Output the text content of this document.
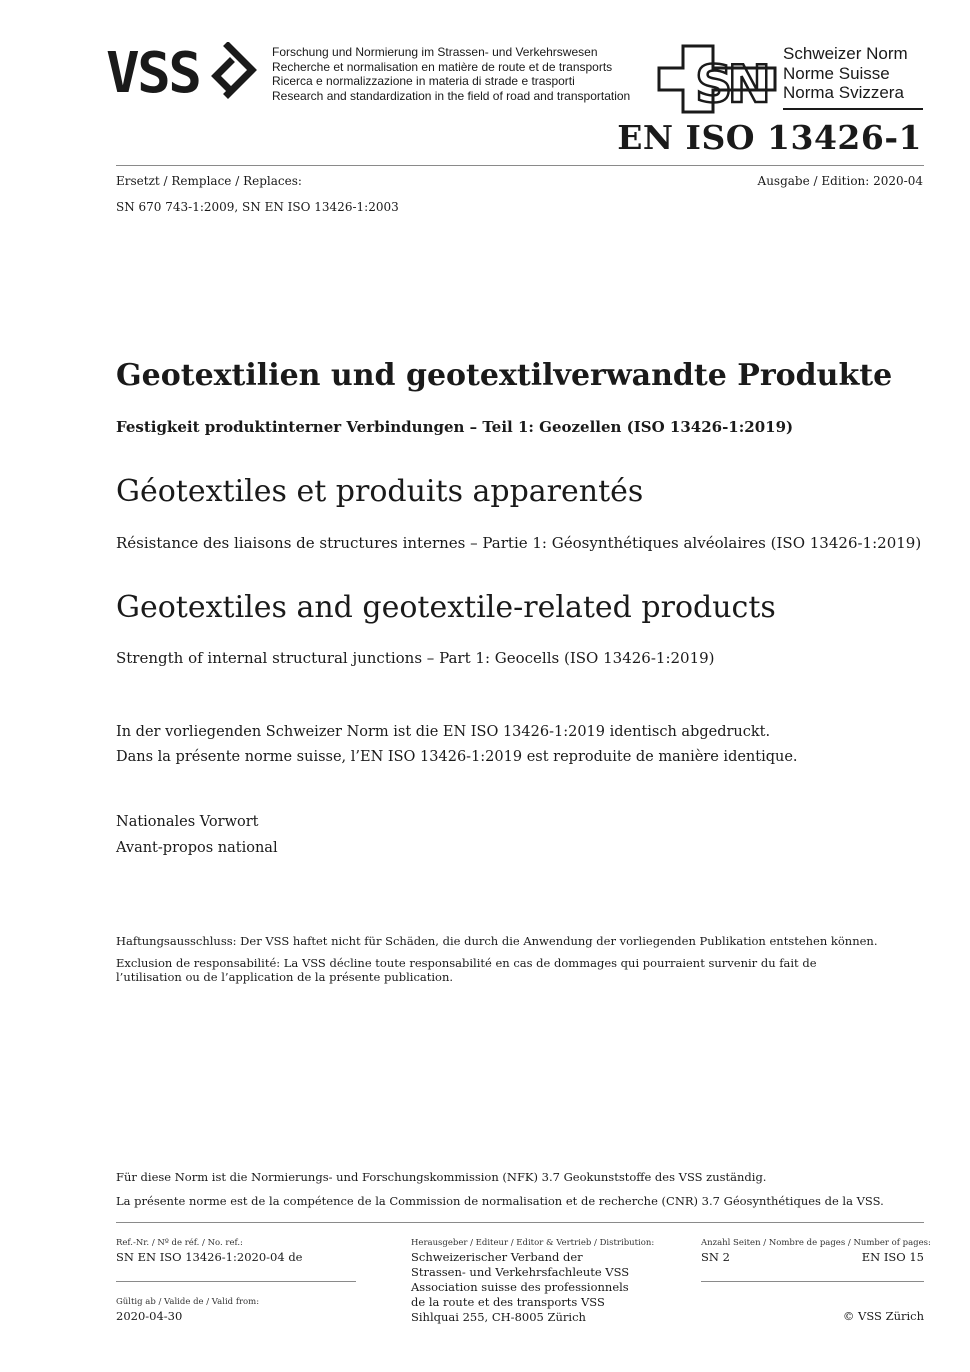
VSS	Forschung und Normierung im Strassen- und Verkehrswesen
Recherche et normalisation en matière de route et de transports
Ricerca e normalizzazione in materia di strade e trasporti
Research and standardization in the field of road and transportation SN
Schweizer Norm
Norme Suisse
Norma Svizzera
EN ISO 13426-1
Ersetzt / Remplace / Replaces:	Ausgabe / Edition: 2020-04
SN 670 743-1:2009, SN EN ISO 13426-1:2003
Geotextilien und geotextilverwandte Produkte
Festigkeit produktinterner Verbindungen – Teil 1: Geozellen (ISO 13426-1:2019)
Géotextiles et produits apparentés
Résistance des liaisons de structures internes – Partie 1: Géosynthétiques alvéolaires (ISO 13426-1:2019)
Geotextiles and geotextile-related products
Strength of internal structural junctions – Part 1: Geocells (ISO 13426-1:2019)
In der vorliegenden Schweizer Norm ist die EN ISO 13426-1:2019 identisch abgedruckt.
Dans la présente norme suisse, l’EN ISO 13426-1:2019 est reproduite de manière identique.
Nationales Vorwort
Avant-propos national
Haftungsausschluss: Der VSS haftet nicht für Schäden, die durch die Anwendung der vorliegenden Publikation entstehen können.
Exclusion de responsabilité: La VSS décline toute responsabilité en cas de dommages qui pourraient survenir du fait de l’utilisation ou de l’application de la présente publication.
Für diese Norm ist die Normierungs- und Forschungskommission (NFK) 3.7 Geokunststoffe des VSS zuständig.
La présente norme est de la compétence de la Commission de normalisation et de recherche (CNR) 3.7 Géosynthétiques de la VSS.
Ref.-Nr. / Nº de réf. / No. ref.:
SN EN ISO 13426-1:2020-04 de
Gültig ab / Valide de / Valid from:
2020-04-30
Herausgeber / Editeur / Editor & Vertrieb / Distribution:
Schweizerischer Verband der
Strassen- und Verkehrsfachleute VSS
Association suisse des professionnels
de la route et des transports VSS
Sihlquai 255, CH-8005 Zürich
Anzahl Seiten / Nombre de pages / Number of pages:
SN 2	EN ISO 15
© VSS Zürich
